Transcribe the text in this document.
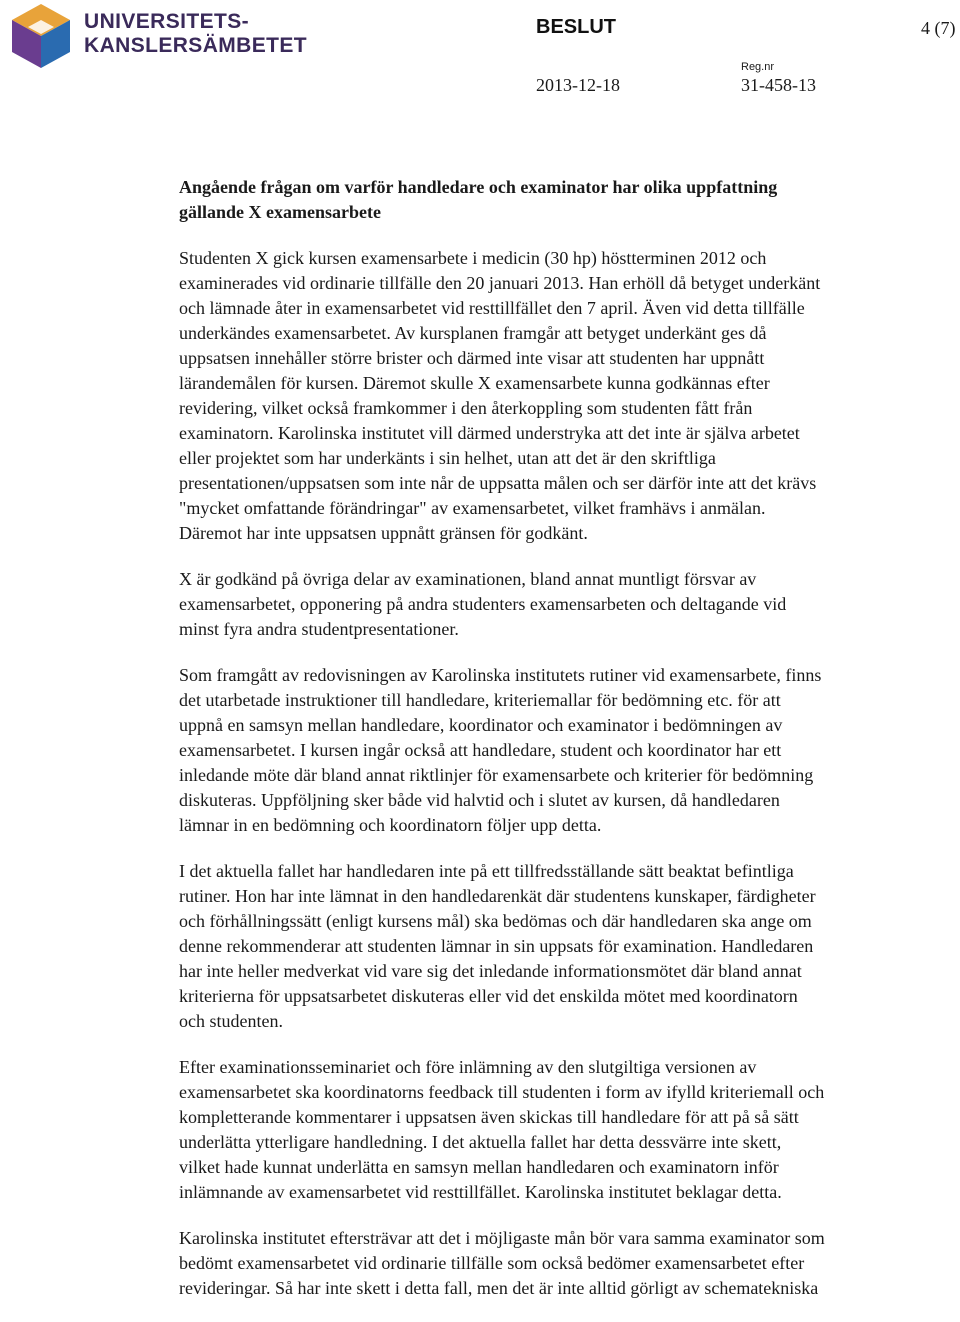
UNIVERSITETS-
KANSLERSÄMBETET
BESLUT	4 (7)
Reg.nr
2013-12-18	31-458-13
Angående frågan om varför handledare och examinator har olika uppfattning
gällande X examensarbete
Studenten X gick kursen examensarbete i medicin (30 hp) höstterminen 2012 och
examinerades vid ordinarie tillfälle den 20 januari 2013. Han erhöll då betyget underkänt
och lämnade åter in examensarbetet vid resttillfället den 7 april. Även vid detta tillfälle
underkändes examensarbetet. Av kursplanen framgår att betyget underkänt ges då
uppsatsen innehåller större brister och därmed inte visar att studenten har uppnått
lärandemålen för kursen. Däremot skulle X examensarbete kunna godkännas efter
revidering, vilket också framkommer i den återkoppling som studenten fått från
examinatorn. Karolinska institutet vill därmed understryka att det inte är själva arbetet
eller projektet som har underkänts i sin helhet, utan att det är den skriftliga
presentationen/uppsatsen som inte når de uppsatta målen och ser därför inte att det krävs
"mycket omfattande förändringar" av examensarbetet, vilket framhävs i anmälan.
Däremot har inte uppsatsen uppnått gränsen för godkänt.
X är godkänd på övriga delar av examinationen, bland annat muntligt försvar av
examensarbetet, opponering på andra studenters examensarbeten och deltagande vid
minst fyra andra studentpresentationer.
Som framgått av redovisningen av Karolinska institutets rutiner vid examensarbete, finns
det utarbetade instruktioner till handledare, kriteriemallar för bedömning etc. för att
uppnå en samsyn mellan handledare, koordinator och examinator i bedömningen av
examensarbetet. I kursen ingår också att handledare, student och koordinator har ett
inledande möte där bland annat riktlinjer för examensarbete och kriterier för bedömning
diskuteras. Uppföljning sker både vid halvtid och i slutet av kursen, då handledaren
lämnar in en bedömning och koordinatorn följer upp detta.
I det aktuella fallet har handledaren inte på ett tillfredsställande sätt beaktat befintliga
rutiner. Hon har inte lämnat in den handledarenkät där studentens kunskaper, färdigheter
och förhållningssätt (enligt kursens mål) ska bedömas och där handledaren ska ange om
denne rekommenderar att studenten lämnar in sin uppsats för examination. Handledaren
har inte heller medverkat vid vare sig det inledande informationsmötet där bland annat
kriterierna för uppsatsarbetet diskuteras eller vid det enskilda mötet med koordinatorn
och studenten.
Efter examinationsseminariet och före inlämning av den slutgiltiga versionen av
examensarbetet ska koordinatorns feedback till studenten i form av ifylld kriteriemall och
kompletterande kommentarer i uppsatsen även skickas till handledare för att på så sätt
underlätta ytterligare handledning. I det aktuella fallet har detta dessvärre inte skett,
vilket hade kunnat underlätta en samsyn mellan handledaren och examinatorn inför
inlämnande av examensarbetet vid resttillfället. Karolinska institutet beklagar detta.
Karolinska institutet eftersträvar att det i möjligaste mån bör vara samma examinator som
bedömt examensarbetet vid ordinarie tillfälle som också bedömer examensarbetet efter
revideringar. Så har inte skett i detta fall, men det är inte alltid görligt av schematekniska
